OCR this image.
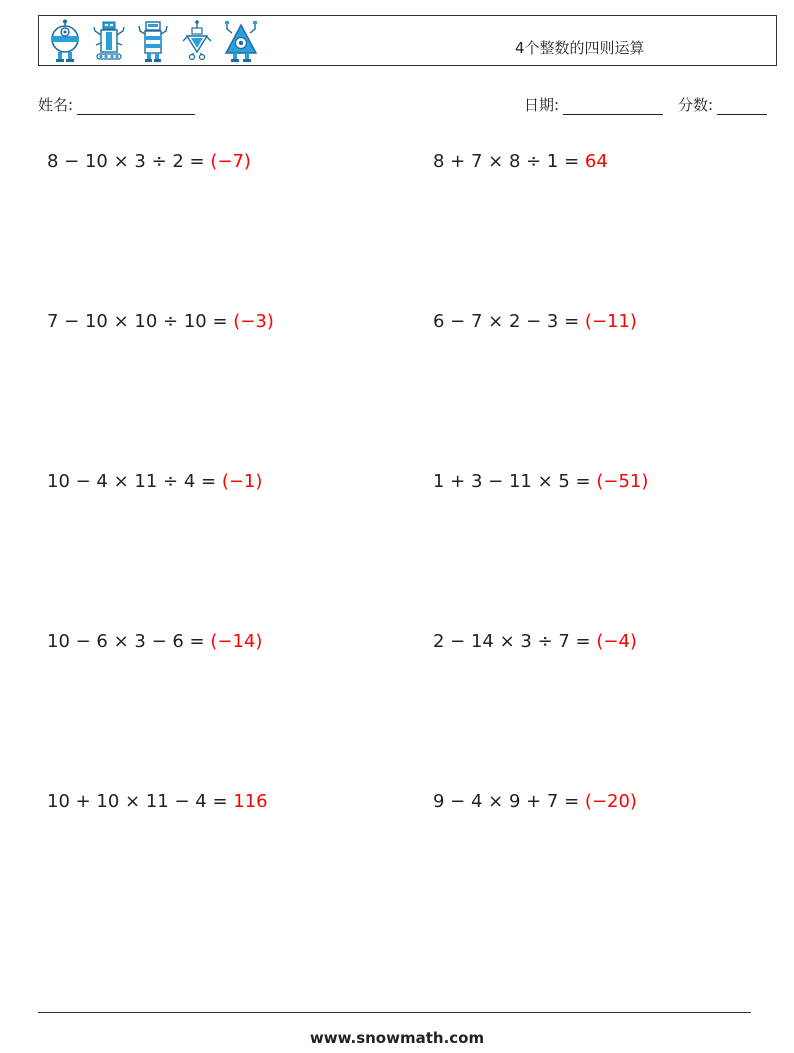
4个整数的四则运算
姓名:	日期:	分数:
8 − 10 × 3 ÷ 2 = (−7)	8 + 7 × 8 ÷ 1 = 64
7 − 10 × 10 ÷ 10 = (−3)	6 − 7 × 2 − 3 = (−11)
10 − 4 × 11 ÷ 4 = (−1)	1 + 3 − 11 × 5 = (−51)
10 − 6 × 3 − 6 = (−14)	2 − 14 × 3 ÷ 7 = (−4)
10 + 10 × 11 − 4 = 116	9 − 4 × 9 + 7 = (−20)
www.snowmath.com
